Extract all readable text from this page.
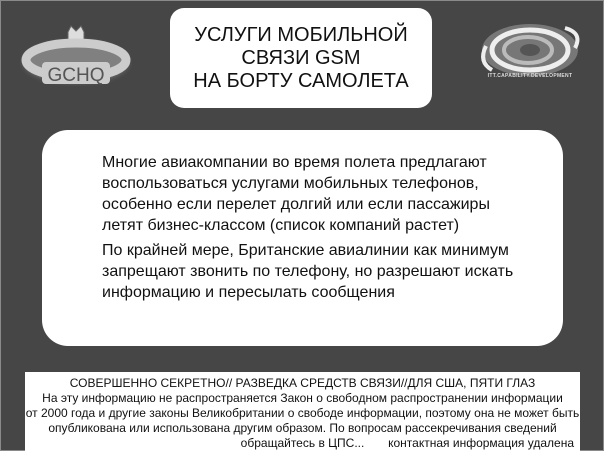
GCHQ	ITT.CAPABILITY.DEVELOPMENT
УСЛУГИ МОБИЛЬНОЙ
СВЯЗИ GSM
НА БОРТУ САМОЛЕТА
Многие авиакомпании во время полета предлагают
воспользоваться услугами мобильных телефонов,
особенно если перелет долгий или если пассажиры
летят бизнес-классом (список компаний растет)
По крайней мере, Британские авиалинии как минимум
запрещают звонить по телефону, но разрешают искать
информацию и пересылать сообщения
СОВЕРШЕННО СЕКРЕТНО// РАЗВЕДКА СРЕДСТВ СВЯЗИ//ДЛЯ США, ПЯТИ ГЛАЗ
На эту информацию не распространяется Закон о свободном распространении информации
от 2000 года и другие законы Великобритании о свободе информации, поэтому она не может быть
опубликована или использована другим образом. По вопросам рассекречивания сведений
обращайтесь в ЦПС...	контактная информация удалена
